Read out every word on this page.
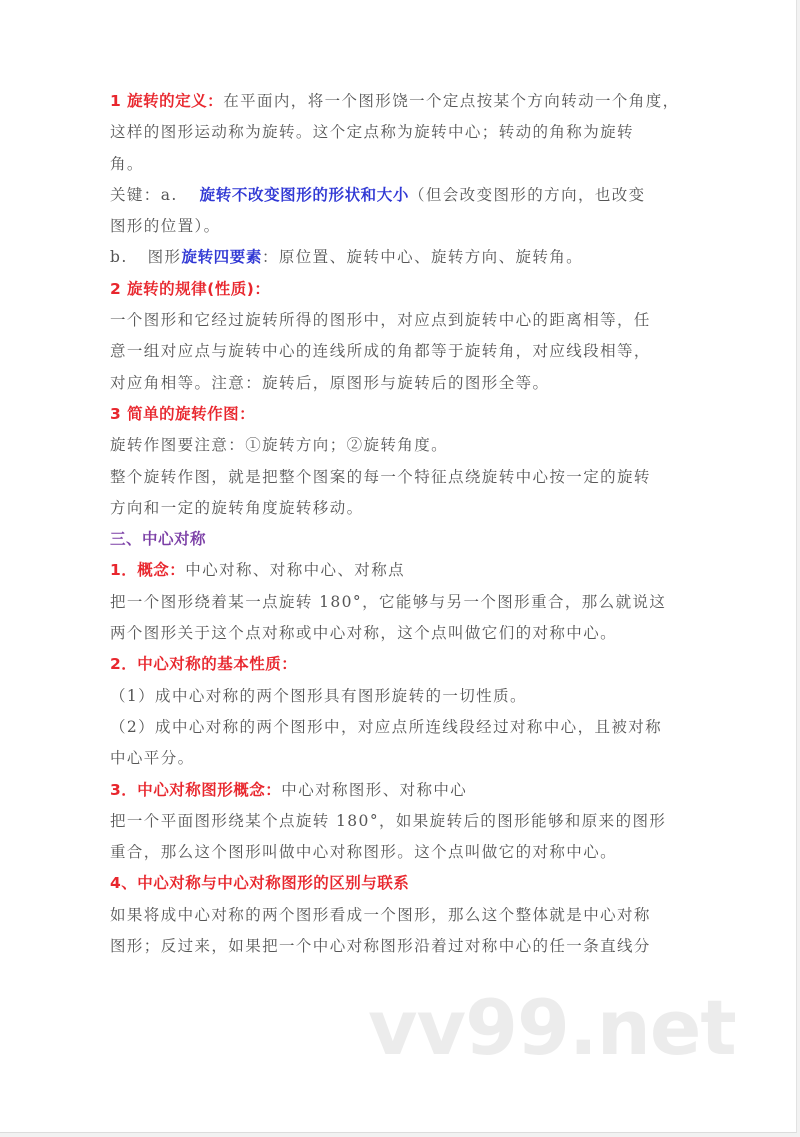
1 旋转的定义：在平面内，将一个图形饶一个定点按某个方向转动一个角度，
这样的图形运动称为旋转。这个定点称为旋转中心；转动的角称为旋转
角。
关键：a. 旋转不改变图形的形状和大小（但会改变图形的方向，也改变
图形的位置）。
b. 图形旋转四要素：原位置、旋转中心、旋转方向、旋转角。
2 旋转的规律(性质)：
一个图形和它经过旋转所得的图形中，对应点到旋转中心的距离相等，任
意一组对应点与旋转中心的连线所成的角都等于旋转角，对应线段相等，
对应角相等。注意：旋转后，原图形与旋转后的图形全等。
3 简单的旋转作图：
旋转作图要注意：①旋转方向；②旋转角度。
整个旋转作图，就是把整个图案的每一个特征点绕旋转中心按一定的旋转
方向和一定的旋转角度旋转移动。
三、中心对称
1．概念：中心对称、对称中心、对称点
把一个图形绕着某一点旋转 180°，它能够与另一个图形重合，那么就说这
两个图形关于这个点对称或中心对称，这个点叫做它们的对称中心。
2．中心对称的基本性质：
（1）成中心对称的两个图形具有图形旋转的一切性质。
（2）成中心对称的两个图形中，对应点所连线段经过对称中心，且被对称
中心平分。
3．中心对称图形概念：中心对称图形、对称中心
把一个平面图形绕某个点旋转 180°，如果旋转后的图形能够和原来的图形
重合，那么这个图形叫做中心对称图形。这个点叫做它的对称中心。
4、中心对称与中心对称图形的区别与联系
如果将成中心对称的两个图形看成一个图形，那么这个整体就是中心对称
图形；反过来，如果把一个中心对称图形沿着过对称中心的任一条直线分
vv99.net
